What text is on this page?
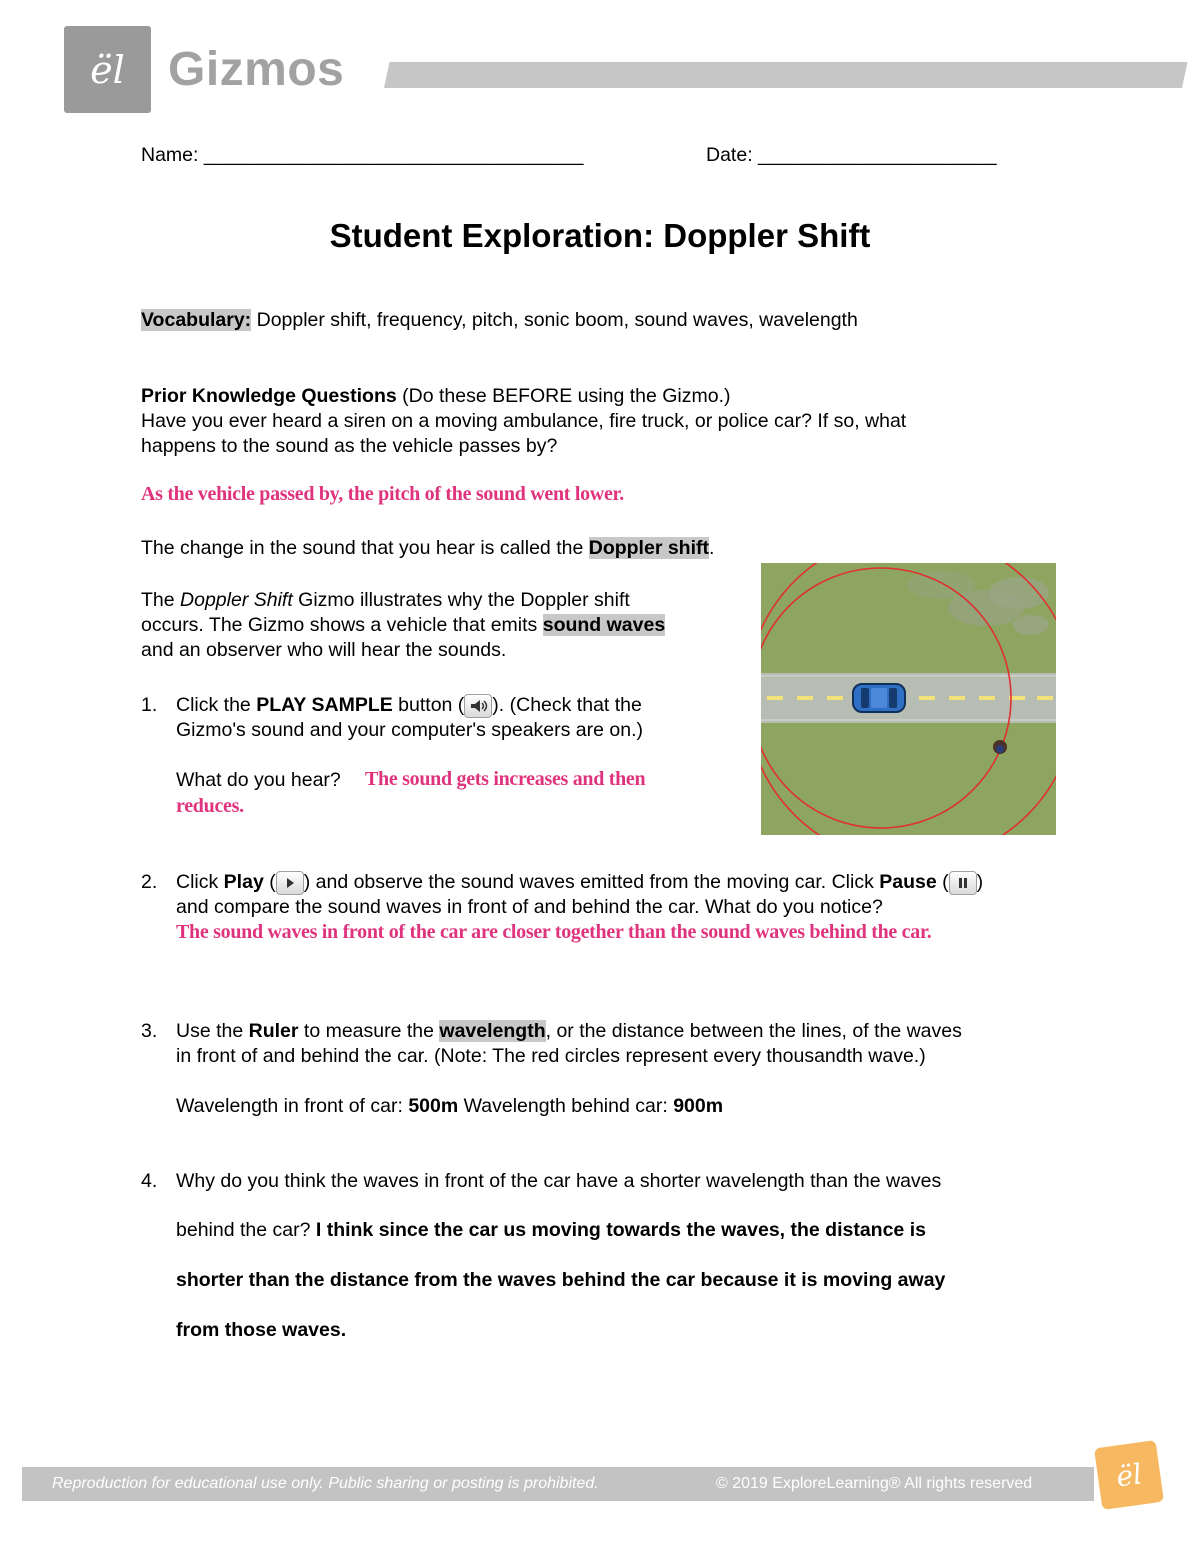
ël Gizmos
Name: ___________________________________	Date: ______________________
Student Exploration: Doppler Shift
Vocabulary: Doppler shift, frequency, pitch, sonic boom, sound waves, wavelength
Prior Knowledge Questions (Do these BEFORE using the Gizmo.)
Have you ever heard a siren on a moving ambulance, fire truck, or police car? If so, what
happens to the sound as the vehicle passes by?
As the vehicle passed by, the pitch of the sound went lower.
The change in the sound that you hear is called the Doppler shift.
The Doppler Shift Gizmo illustrates why the Doppler shift
occurs. The Gizmo shows a vehicle that emits sound waves
and an observer who will hear the sounds.
1. Click the PLAY SAMPLE button ( ). (Check that the
Gizmo's sound and your computer's speakers are on.)
What do you hear? The sound gets increases and then
reduces.
2. Click Play ( ) and observe the sound waves emitted from the moving car. Click Pause ( )
and compare the sound waves in front of and behind the car. What do you notice?
The sound waves in front of the car are closer together than the sound waves behind the car.
3. Use the Ruler to measure the wavelength, or the distance between the lines, of the waves
in front of and behind the car. (Note: The red circles represent every thousandth wave.)
Wavelength in front of car: 500m Wavelength behind car: 900m
4. Why do you think the waves in front of the car have a shorter wavelength than the waves
behind the car? I think since the car us moving towards the waves, the distance is
shorter than the distance from the waves behind the car because it is moving away
from those waves.
Reproduction for educational use only. Public sharing or posting is prohibited.	© 2019 ExploreLearning® All rights reserved	ël
